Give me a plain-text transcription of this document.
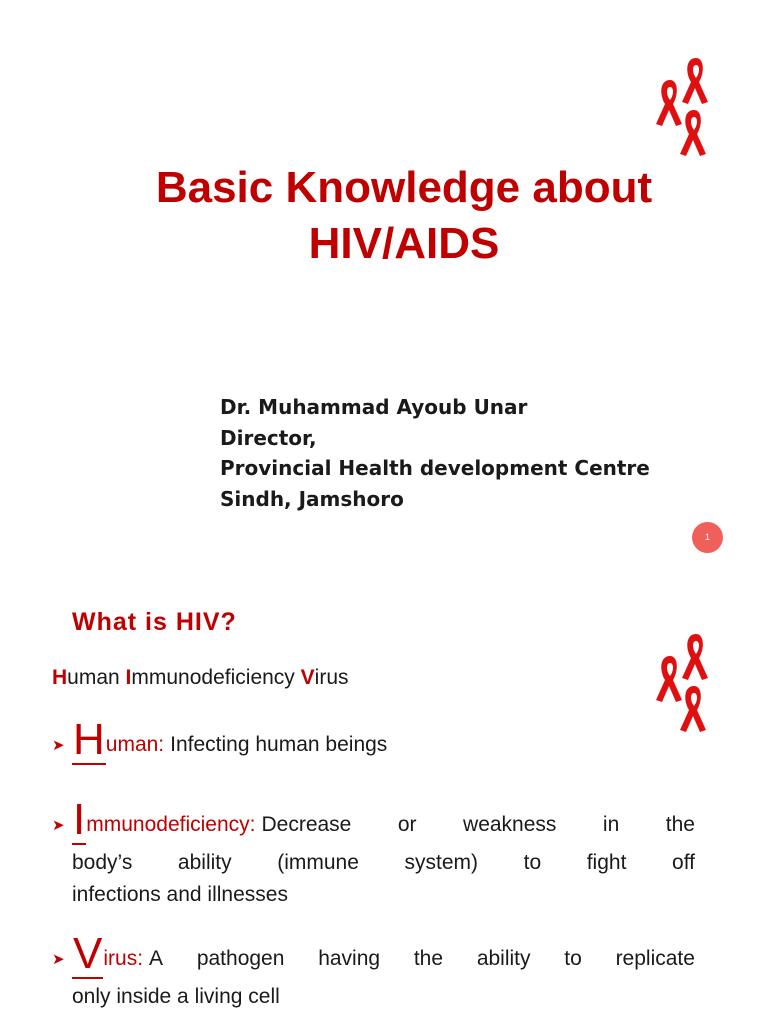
Basic Knowledge about
HIV/AIDS
Dr. Muhammad Ayoub Unar
Director,
Provincial Health development Centre
Sindh, Jamshoro
1
What is HIV?
Human Immunodeficiency Virus
➤ H uman: Infecting human beings
➤ I mmunodeficiency: Decrease or weakness in the
body’s ability (immune system) to fight off
infections and illnesses
➤ V irus: A pathogen having the ability to replicate
only inside a living cell
